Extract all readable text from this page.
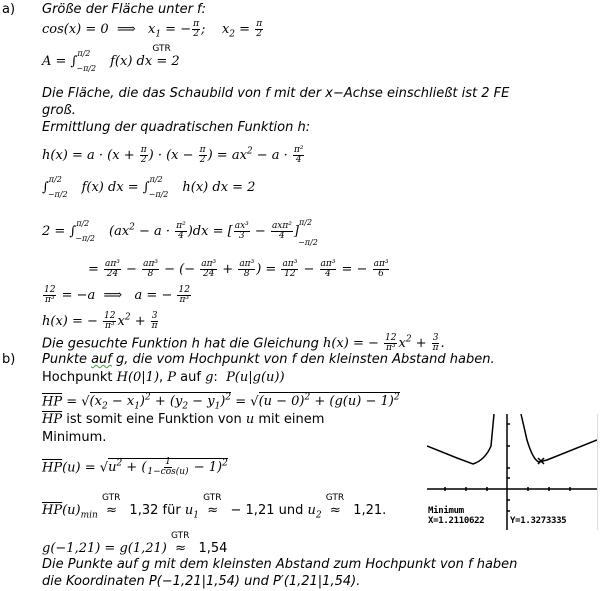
a) Größe der Fläche unter f:
cos(x) = 0  ⟹   $x_1$ = − $\frac{\pi}{2}$ ;    $x_2 = \frac{\pi}{2}$
A = ∫$^{\pi/2}_{-\pi/2}$ f(x) dx
GTR
= 2
Die Fläche, die das Schaubild von f mit der x−Achse einschließt ist 2 FE
groß.
Ermittlung der quadratischen Funktion h:
$h(x) = a \cdot (x + \frac{\pi}{2}$ ) · ($x - \frac{\pi}{2}$ ) = $ax^2 - a \cdot \frac{\text{π²}}{4}$
∫$^{\pi/2}_{-\pi/2}$ f(x) dx = ∫$^{\pi/2}_{-\pi/2}$ h(x) dx = 2
2 = ∫$^{\pi/2}_{-\pi/2}$ $(ax^2 - a \cdot \frac{\text{π²}}{4} )dx$ = [ $\frac{\text{ax³}}{3} - \frac{\text{axπ²}}{4} ]^{\pi/2}_{-\pi/2}$
= $\frac{\text{aπ³}}{24} - \frac{\text{aπ³}}{8}$ − (− $\frac{\text{aπ³}}{24} + \frac{\text{aπ³}}{8}$ ) = $\frac{\text{aπ³}}{12} - \frac{\text{aπ³}}{4}$ = − $\frac{\text{aπ³}}{6}$
$\frac{12}{\text{π³}} = -a$  ⟹   a = − $\frac{12}{\text{π³}}$
h(x) = − $\frac{12}{\text{π³}} x^2 + \frac{3}{\pi}$
Die gesuchte Funktion h hat die Gleichung h(x) = − $\frac{12}{\text{π³}} x^2 + \frac{3}{\pi}$ .
b) Punkte auf g, die vom Hochpunkt von f den kleinsten Abstand haben.
Hochpunkt H(0|1), P auf g:  P(u|g(u))
$\overline{HP} = √(x_2 - x_1)^2 + (y_2 - y_1)^2 = √(u - 0)^2 + (g(u) - 1)^2$
$\overline{HP}$ ist somit eine Funktion von u mit einem
Minimum.
$\overline{HP}(u) = √u^2$ + ( $\frac{1}{1-\cos(u)} - 1)^2$
$\overline{HP}(u)_{min}$
GTR
≈   1,32 für $u_1$
GTR
≈   − 1,21 und $u_2$
GTR
≈   1,21.
g(−1,21) = g(1,21)
GTR
≈   1,54
Die Punkte auf g mit dem kleinsten Abstand zum Hochpunkt von f haben
die Koordinaten P(−1,21|1,54) und P′(1,21|1,54).
Minimum
X=1.2110622	Y=1.3273335
